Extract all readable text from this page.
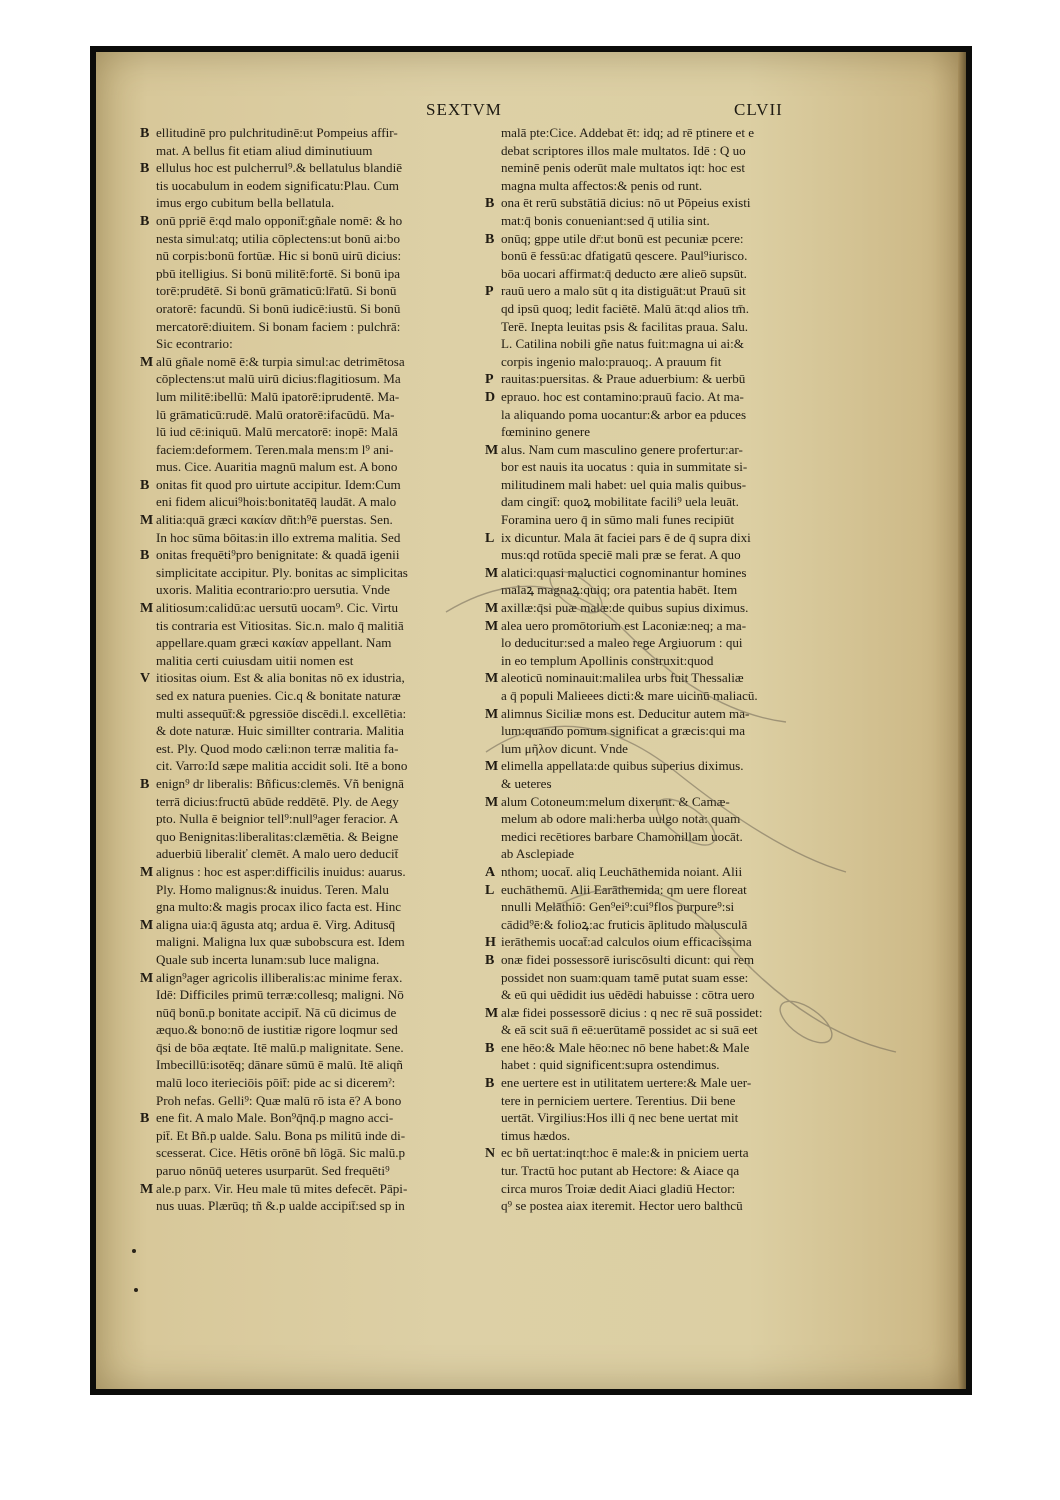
SEXTVM	CLVII
B ellitudinē pro pulchritudinē:ut Pompeius affir-
mat. A bellus fit etiam aliud diminutiuum
B ellulus hoc est pulcherrul⁹.& bellatulus blandiē
tis uocabulum in eodem significatu:Plau. Cum
imus ergo cubitum bella bellatula.
B onū ppriē ē:qd malo opponit̄:gñale nomē: & ho
nesta simul:atq; utilia cōplectens:ut bonū ai:bo
nū corpis:bonū fortūæ. Hic si bonū uirū dicius:
pbū itelligius. Si bonū militē:fortē. Si bonū ipa
torē:prudētē. Si bonū grāmaticū:lr̄atū. Si bonū
oratorē: facundū. Si bonū iudicē:iustū. Si bonū
mercatorē:diuitem. Si bonam faciem : pulchrā:
Sic econtrario:
M alū gñale nomē ē:& turpia simul:ac detrimētosa
cōplectens:ut malū uirū dicius:flagitiosum. Ma
lum militē:ibellū: Malū ipatorē:iprudentē. Ma-
lū grāmaticū:rudē. Malū oratorē:ifacūdū. Ma-
lū iud cē:iniquū. Malū mercatorē: inopē: Malā
faciem:deformem. Teren.mala mens:m l⁹ ani-
mus. Cice. Auaritia magnū malum est. A bono
B onitas fit quod pro uirtute accipitur. Idem:Cum
eni fidem alicui⁹hois:bonitatēq̄ laudāt. A malo
M alitia:quā græci κακίαν dñt:h⁹ē puerstas. Sen.
In hoc sūma bōitas:in illo extrema malitia. Sed
B onitas frequēti⁹pro benignitate: & quadā igenii
simplicitate accipitur. Ply. bonitas ac simplicitas
uxoris. Malitia econtrario:pro uersutia. Vnde
M alitiosum:calidū:ac uersutū uocam⁹. Cic. Virtu
tis contraria est Vitiositas. Sic.n. malo q̄ malitiā
appellare.quam græci κακίαν appellant. Nam
malitia certi cuiusdam uitii nomen est
V itiositas oium. Est & alia bonitas nō ex idustria,
sed ex natura puenies. Cic.q & bonitate naturæ
multi assequūt̄:& pgressiōe discēdi.l. excellētia:
& dote naturæ. Huic simillter contraria. Malitia
est. Ply. Quod modo cæli:non terræ malitia fa-
cit. Varro:Id sæpe malitia accidit soli. Itē a bono
B enign⁹ dr liberalis: Bñficus:clemēs. Vñ benignā
terrā dicius:fructū abūde reddētē. Ply. de Aegy
pto. Nulla ē beignior tell⁹:null⁹ager feracior. A
quo Benignitas:liberalitas:clæmētia. & Beigne
aduerbiū liberaliť clemēt. A malo uero deducit̄
M alignus : hoc est asper:difficilis inuidus: auarus.
Ply. Homo malignus:& inuidus. Teren. Malu
gna multo:& magis procax ilico facta est. Hinc
M aligna uia:q̄ āgusta atq; ardua ē. Virg. Aditusq̄
maligni. Maligna lux quæ subobscura est. Idem
Quale sub incerta lunam:sub luce maligna.
M align⁹ager agricolis illiberalis:ac minime ferax.
Idē: Difficiles primū terræ:collesq; maligni. Nō
nūq̄ bonū.p bonitate accipit̄. Nā cū dicimus de
æquo.& bono:nō de iustitiæ rigore loqmur sed
q̄si de bōa æqtate. Itē malū.p malignitate. Sene.
Imbecillū:isotēq; dānare sūmū ē malū. Itē aliqñ
malū loco iterieciōis pōit̄: pide ac si diceremˀ:
Proh nefas. Gelli⁹: Quæ malū rō ista ē? A bono
B ene fit. A malo Male. Bon⁹q̄nq̄.p magno acci-
pit̄. Et Bñ.p ualde. Salu. Bona ps militū inde di-
scesserat. Cice. Hētis orōnē bñ lōgā. Sic malū.p
paruo nōnūq̄ ueteres usurparūt. Sed frequēti⁹
M ale.p parx. Vir. Heu male tū mites defecēt. Pāpi-
nus uuas. Plærūq; tñ &.p ualde accipit̄:sed sp in
malā pte:Cice. Addebat ēt: idq; ad rē ptinere et e
debat scriptores illos male multatos. Idē : Q uo
neminē penis oderūt male multatos iqt: hoc est
magna multa affectos:& penis od runt.
B ona ēt rerū substātiā dicius: nō ut Pōpeius existi
mat:q̄ bonis conueniant:sed q̄ utilia sint.
B onūq; gppe utile dr̄:ut bonū est pecuniæ pcere:
bonū ē fessū:ac dfatigatū qescere. Paul⁹iurisco.
bōa uocari affirmat:q̄ deducto ære alieō supsūt.
P rauū uero a malo sūt q ita distiguāt:ut Prauū sit
qd ipsū quoq; ledit faciētē. Malū āt:qd alios tm̄.
Terē. Inepta leuitas psis & facilitas praua. Salu.
L. Catilina nobili gñe natus fuit:magna ui ai:&
corpis ingenio malo:prauoq;. A prauum fit
P rauitas:puersitas. & Praue aduerbium: & uerbū
D eprauo. hoc est contamino:prauū facio. At ma-
la aliquando poma uocantur:& arbor ea pduces
fœminino genere
M alus. Nam cum masculino genere profertur:ar-
bor est nauis ita uocatus : quia in summitate si-
militudinem mali habet: uel quia malis quibus-
dam cingit̄: quoꝝ mobilitate facili⁹ uela leuāt.
Foramina uero q̄ in sūmo mali funes recipiūt
L ix dicuntur. Mala āt faciei pars ē de q̄ supra dixi
mus:qd rotūda speciē mali præ se ferat. A quo
M alatici:quasi maluctici cognominantur homines
malaꝝ magnaꝝ:quiq; ora patentia habēt. Item
M axillæ:q̄si puæ malæ:de quibus supius diximus.
M alea uero promōtorium est Laconiæ:neq; a ma-
lo deducitur:sed a maleo rege Argiuorum : qui
in eo templum Apollinis construxit:quod
M aleoticū nominauit:malilea urbs fuit Thessaliæ
a q̄ populi Malieees dicti:& mare uicinū maliacū.
M alimnus Siciliæ mons est. Deducitur autem ma-
lum:quando pomum significat a græcis:qui ma
lum μῆλον dicunt. Vnde
M elimella appellata:de quibus superius diximus.
& ueteres
M alum Cotoneum:melum dixerunt. & Camæ-
melum ab odore mali:herba uulgo nota: quam
medici recētiores barbare Chamonillam uocāt.
ab Asclepiade
A nthom; uocat̄. aliq Leuchāthemida noiant. Alii
L euchāthemū. Alii Earāthemida: qm uere floreat
nnulli Melāthiō: Gen⁹ei⁹:cui⁹flos purpure⁹:si
cādid⁹ē:& folioꝝ:ac fruticis āplitudo malusculā
H ierāthemis uocat̄:ad calculos oium efficacissima
B onæ fidei possessorē iuriscōsulti dicunt: qui rem
possidet non suam:quam tamē putat suam esse:
& eū qui uēdidit ius uēdēdi habuisse : cōtra uero
M alæ fidei possessorē dicius : q nec rē suā possidet:
& eā scit suā n̄ eē:uerūtamē possidet ac si suā eet
B ene hēo:& Male hēo:nec nō bene habet:& Male
habet : quid significent:supra ostendimus.
B ene uertere est in utilitatem uertere:& Male uer-
tere in perniciem uertere. Terentius. Dii bene
uertāt. Virgilius:Hos illi q̄ nec bene uertat mit
timus hædos.
N ec bñ uertat:inqt:hoc ē male:& in pniciem uerta
tur. Tractū hoc putant ab Hectore: & Aiace qa
circa muros Troiæ dedit Aiaci gladiū Hector:
q⁹ se postea aiax iteremit. Hector uero balthcū
